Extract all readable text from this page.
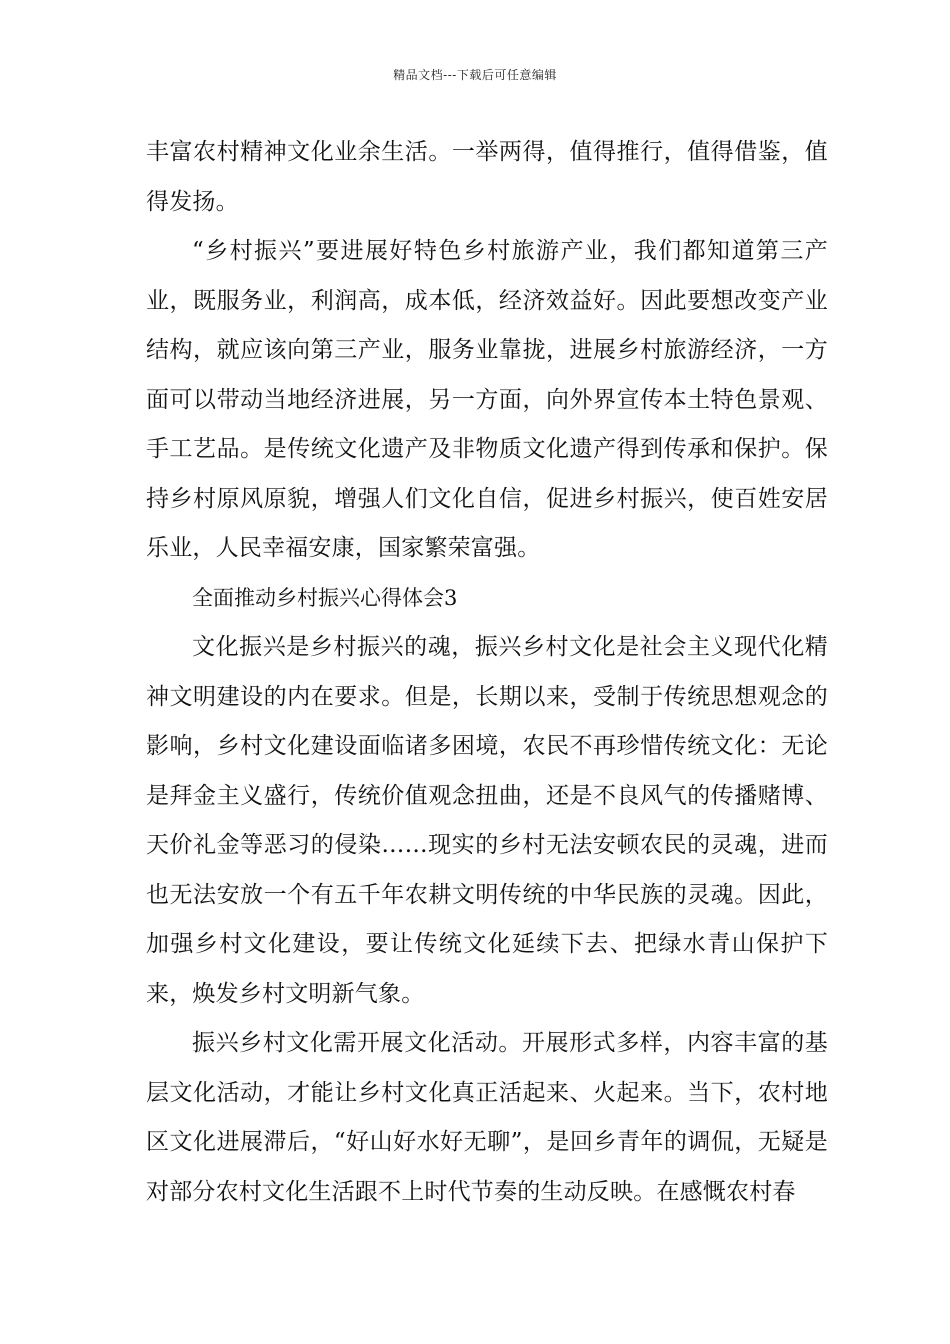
精品文档---下载后可任意编辑

丰富农村精神文化业余生活。一举两得，值得推行，值得借鉴，值得发扬。

“乡村振兴”要进展好特色乡村旅游产业，我们都知道第三产业，既服务业，利润高，成本低，经济效益好。因此要想改变产业结构，就应该向第三产业，服务业靠拢，进展乡村旅游经济，一方面可以带动当地经济进展，另一方面，向外界宣传本土特色景观、手工艺品。是传统文化遗产及非物质文化遗产得到传承和保护。保持乡村原风原貌，增强人们文化自信，促进乡村振兴，使百姓安居乐业，人民幸福安康，国家繁荣富强。

全面推动乡村振兴心得体会3

文化振兴是乡村振兴的魂，振兴乡村文化是社会主义现代化精神文明建设的内在要求。但是，长期以来，受制于传统思想观念的影响，乡村文化建设面临诸多困境，农民不再珍惜传统文化：无论是拜金主义盛行，传统价值观念扭曲，还是不良风气的传播赌博、天价礼金等恶习的侵染……现实的乡村无法安顿农民的灵魂，进而也无法安放一个有五千年农耕文明传统的中华民族的灵魂。因此，加强乡村文化建设，要让传统文化延续下去、把绿水青山保护下来，焕发乡村文明新气象。

振兴乡村文化需开展文化活动。开展形式多样，内容丰富的基层文化活动，才能让乡村文化真正活起来、火起来。当下，农村地区文化进展滞后，“好山好水好无聊”，是回乡青年的调侃，无疑是对部分农村文化生活跟不上时代节奏的生动反映。在感慨农村春
